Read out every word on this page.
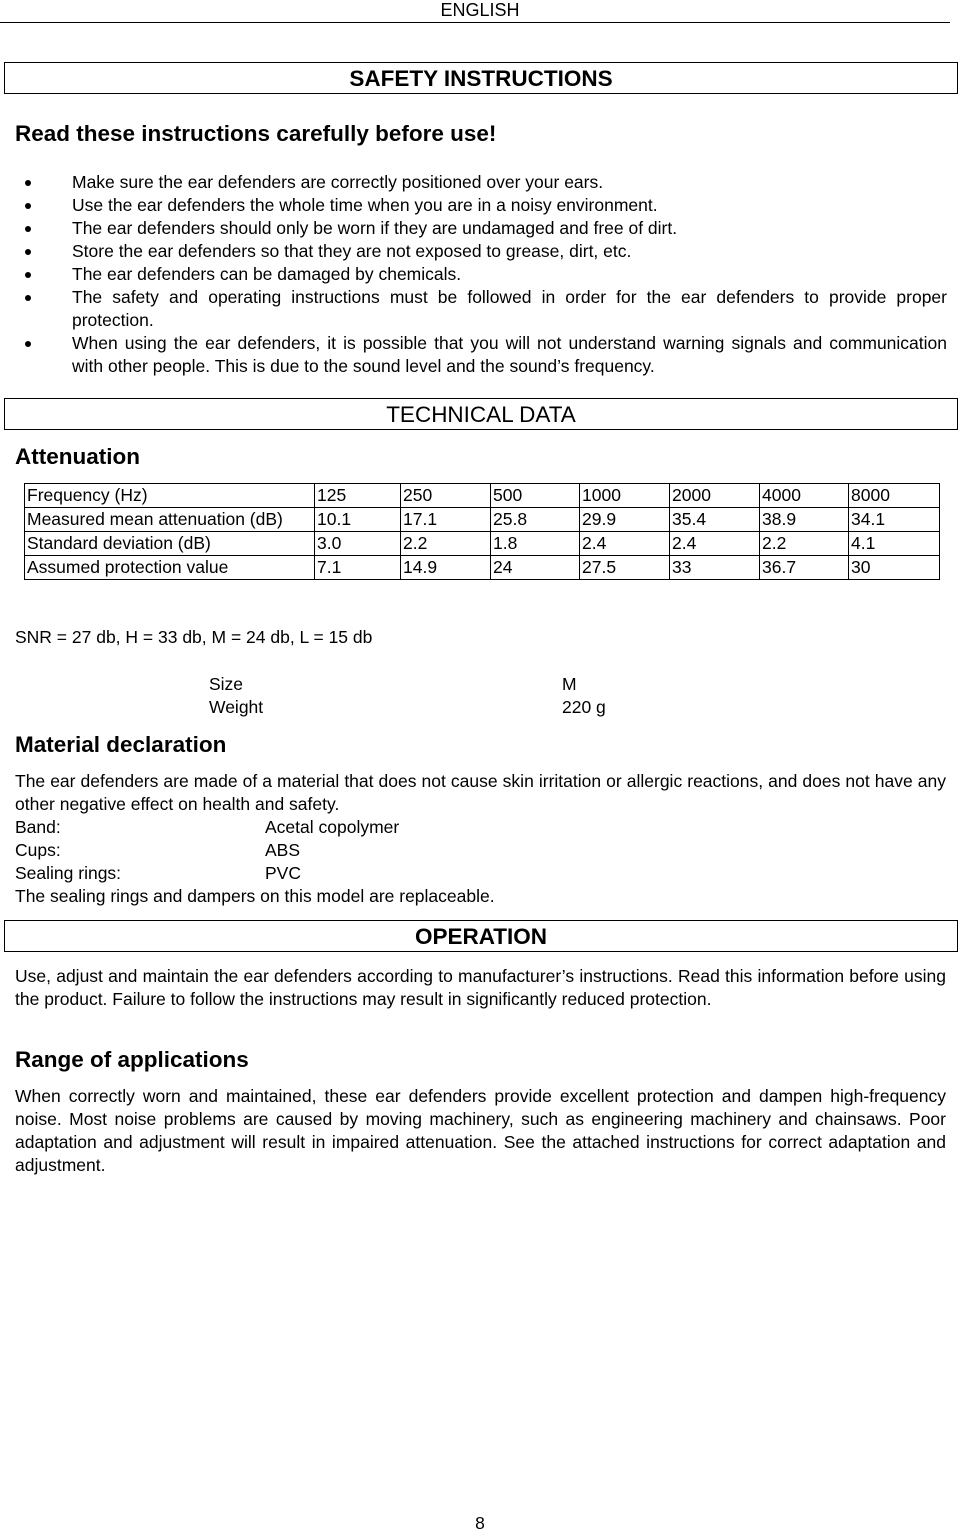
ENGLISH
SAFETY INSTRUCTIONS
Read these instructions carefully before use!
Make sure the ear defenders are correctly positioned over your ears.
Use the ear defenders the whole time when you are in a noisy environment.
The ear defenders should only be worn if they are undamaged and free of dirt.
Store the ear defenders so that they are not exposed to grease, dirt, etc.
The ear defenders can be damaged by chemicals.
The safety and operating instructions must be followed in order for the ear defenders to provide proper protection.
When using the ear defenders, it is possible that you will not understand warning signals and communication with other people. This is due to the sound level and the sound’s frequency.
TECHNICAL DATA
Attenuation
Frequency (Hz)	125	250	500	1000	2000	4000	8000
Measured mean attenuation (dB)	10.1	17.1	25.8	29.9	35.4	38.9	34.1
Standard deviation (dB)	3.0	2.2	1.8	2.4	2.4	2.2	4.1
Assumed protection value	7.1	14.9	24	27.5	33	36.7	30
SNR = 27 db, H = 33 db, M = 24 db, L = 15 db
Size	M
Weight	220 g
Material declaration
The ear defenders are made of a material that does not cause skin irritation or allergic reactions, and does not have any other negative effect on health and safety.
Band:	Acetal copolymer
Cups:	ABS
Sealing rings:	PVC
The sealing rings and dampers on this model are replaceable.
OPERATION
Use, adjust and maintain the ear defenders according to manufacturer’s instructions. Read this information before using the product. Failure to follow the instructions may result in significantly reduced protection.
Range of applications
When correctly worn and maintained, these ear defenders provide excellent protection and dampen high-frequency noise. Most noise problems are caused by moving machinery, such as engineering machinery and chainsaws. Poor adaptation and adjustment will result in impaired attenuation. See the attached instructions for correct adaptation and adjustment.
8
